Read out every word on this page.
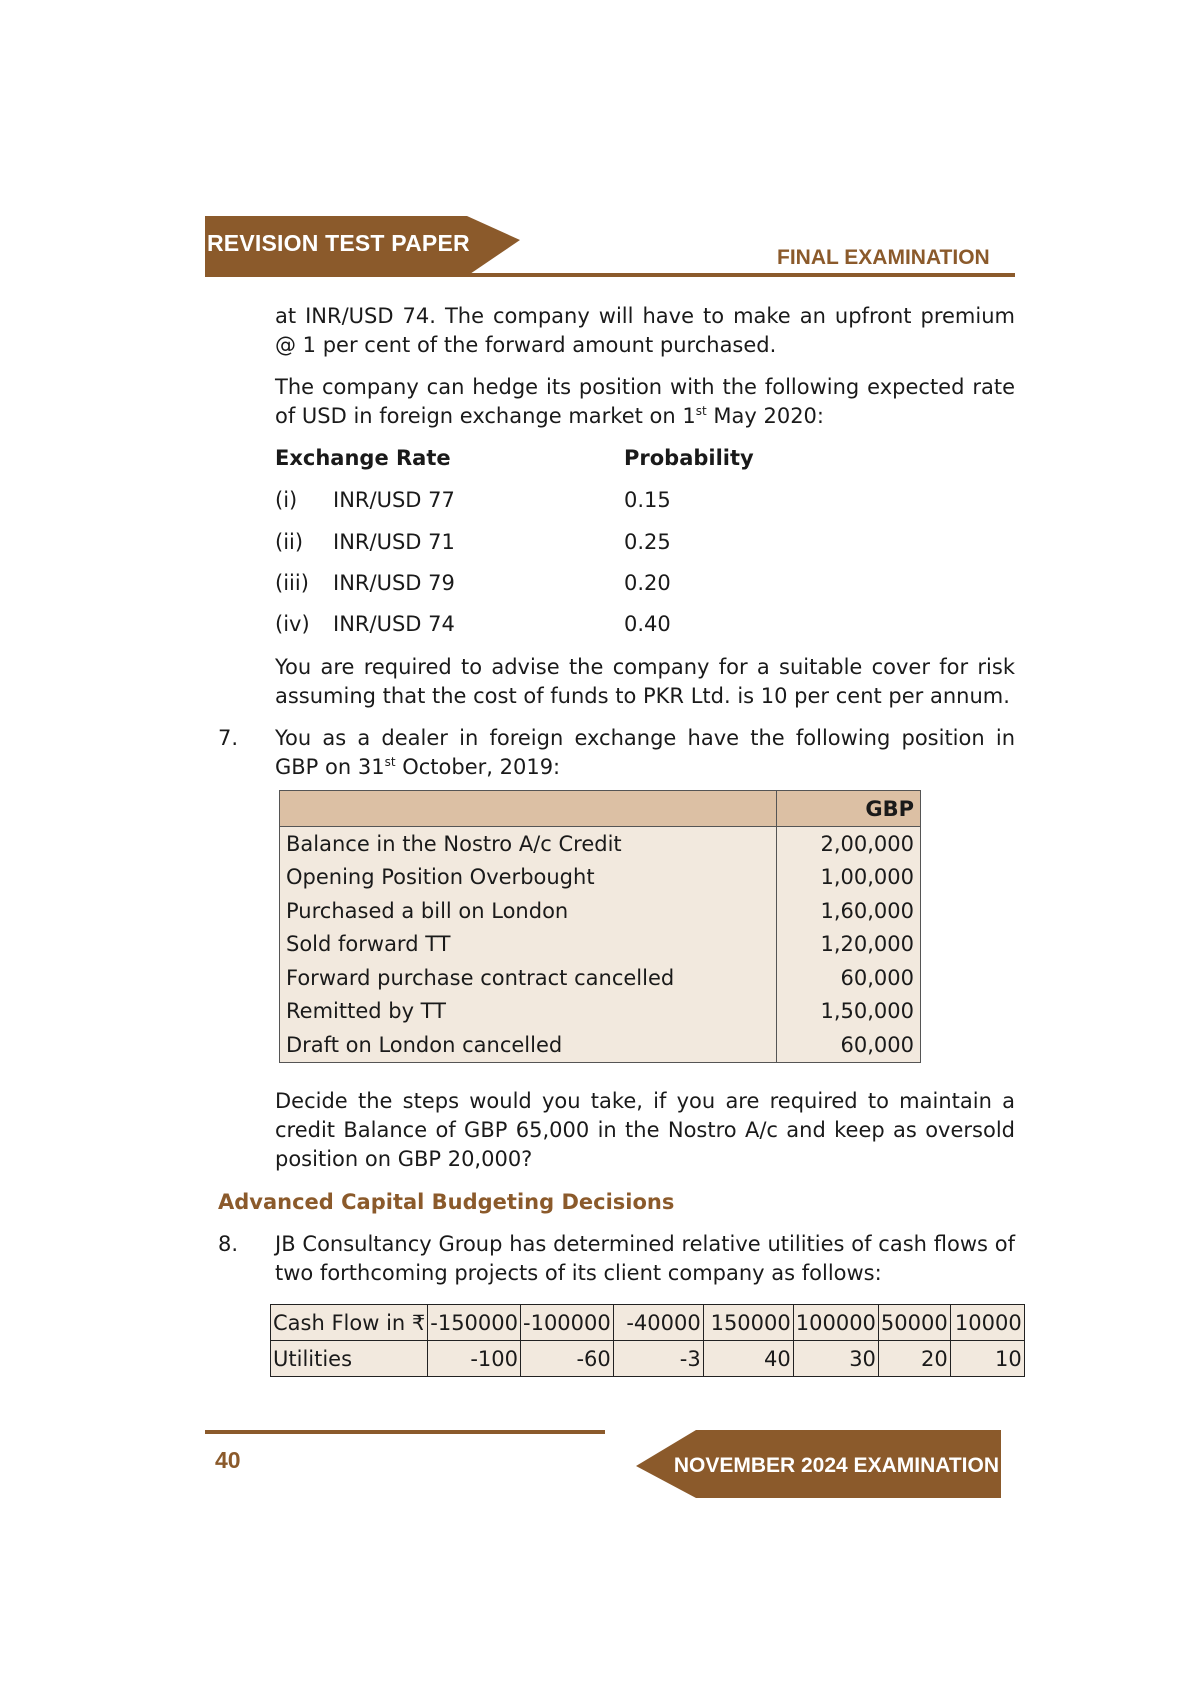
REVISION TEST PAPER
FINAL EXAMINATION
at INR/USD 74. The company will have to make an upfront premium @ 1 per cent of the forward amount purchased.
The company can hedge its position with the following expected rate of USD in foreign exchange market on 1st May 2020:
Exchange Rate	Probability
(i) INR/USD 77	0.15
(ii) INR/USD 71	0.25
(iii) INR/USD 79	0.20
(iv) INR/USD 74	0.40
You are required to advise the company for a suitable cover for risk assuming that the cost of funds to PKR Ltd. is 10 per cent per annum.
7. You as a dealer in foreign exchange have the following position in GBP on 31st October, 2019:
	GBP
Balance in the Nostro A/c Credit	2,00,000
Opening Position Overbought	1,00,000
Purchased a bill on London	1,60,000
Sold forward TT	1,20,000
Forward purchase contract cancelled	60,000
Remitted by TT	1,50,000
Draft on London cancelled	60,000
Decide the steps would you take, if you are required to maintain a credit Balance of GBP 65,000 in the Nostro A/c and keep as oversold position on GBP 20,000?
Advanced Capital Budgeting Decisions
8. JB Consultancy Group has determined relative utilities of cash flows of two forthcoming projects of its client company as follows:
Cash Flow in ₹	-150000	-100000	-40000	150000	100000	50000	10000
Utilities	-100	-60	-3	40	30	20	10
40	NOVEMBER 2024 EXAMINATION
